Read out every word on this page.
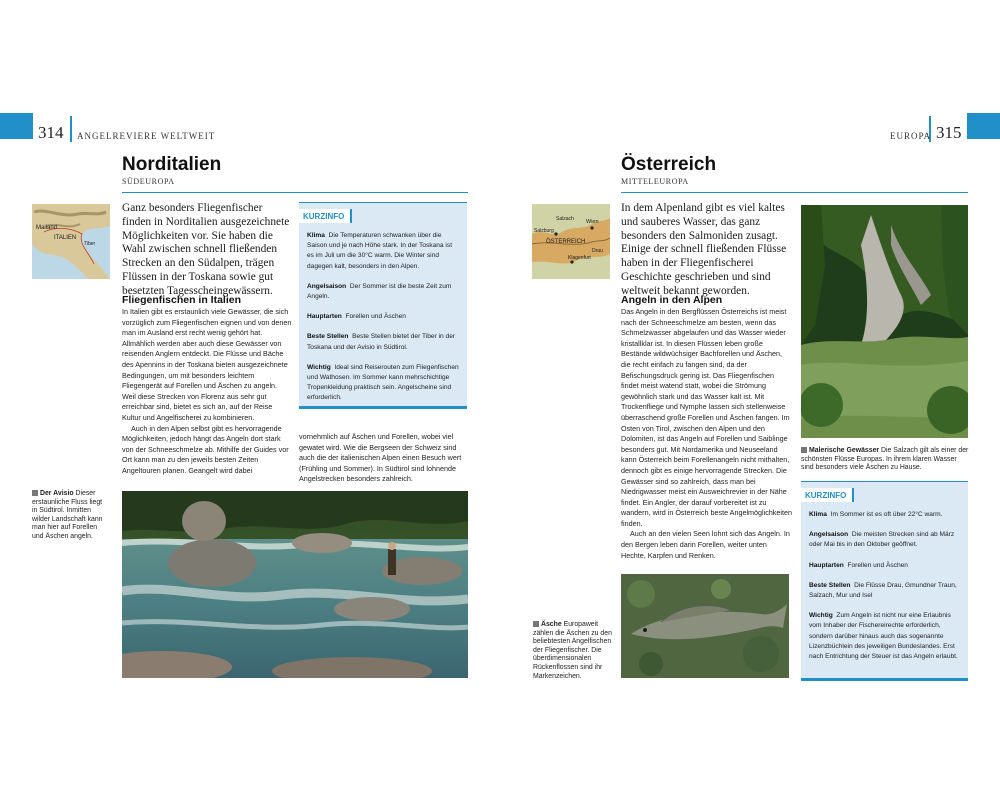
314 ANGELREVIERE WELTWEIT
Norditalien
SÜDEUROPA
Mailand
ITALIEN
Tiber
Ganz besonders Fliegenfischer finden in Norditalien ausgezeichnete Möglichkeiten vor. Sie haben die Wahl zwischen schnell fließenden Strecken an den Südalpen, trägen Flüssen in der Toskana sowie gut besetzten Tagesscheingewässern.
Fliegenfischen in Italien

In Italien gibt es erstaunlich viele Gewässer, die sich vorzüglich zum Fliegenfischen eignen und von denen man im Ausland erst recht wenig gehört hat. Allmählich werden aber auch diese Gewässer von reisenden Anglern entdeckt. Die Flüsse und Bäche des Apennins in der Toskana bieten ausgezeichnete Bedingungen, um mit besonders leichtem Fliegengerät auf Forellen und Äschen zu angeln. Weil diese Strecken von Florenz aus sehr gut erreichbar sind, bietet es sich an, auf der Reise Kultur und Angelfischerei zu kombinieren.

Auch in den Alpen selbst gibt es hervorragende Möglichkeiten, jedoch hängt das Angeln dort stark von der Schneeschmelze ab. Mithilfe der Guides vor Ort kann man zu den jeweils besten Zeiten Angeltouren planen. Geangelt wird dabei

vornehmlich auf Äschen und Forellen, wobei viel gewatet wird. Wie die Bergseen der Schweiz sind auch die der italienischen Alpen einen Besuch wert (Frühling und Sommer). In Südtirol sind lohnende Angelstrecken besonders zahlreich.

KURZINFO
Klima Die Temperaturen schwanken über die Saison und je nach Höhe stark. In der Toskana ist es im Juli um die 30°C warm. Die Winter sind dagegen kalt, besonders in den Alpen.
Angelsaison Der Sommer ist die beste Zeit zum Angeln.
Hauptarten Forellen und Äschen
Beste Stellen Beste Stellen bietet der Tiber in der Toskana und der Avisio in Südtirol.
Wichtig Ideal sind Reiserouten zum Fliegenfischen und Wathosen. Im Sommer kann mehrschichtige Tropenkleidung praktisch sein. Angelscheine sind erforderlich.
Der Avisio Dieser erstaunliche Fluss liegt in Südtirol. Inmitten wilder Landschaft kann man hier auf Forellen und Äschen angeln.
315
EUROPA
Österreich
MITTELEUROPA
Salzach Wien
Salzburg
ÖSTERREICH
Drau
Klagenfurt
In dem Alpenland gibt es viel kaltes und sauberes Wasser, das ganz besonders den Salmoniden zusagt. Einige der schnell fließenden Flüsse haben in der Fliegenfischerei Geschichte geschrieben und sind weltweit bekannt geworden.
Angeln in den Alpen

Das Angeln in den Bergflüssen Österreichs ist meist nach der Schneeschmelze am besten, wenn das Schmelzwasser abgelaufen und das Wasser wieder kristallklar ist. In diesen Flüssen leben große Bestände wildwüchsiger Bachforellen und Äschen, die recht einfach zu fangen sind, da der Befischungsdruck gering ist. Das Fliegenfischen findet meist watend statt, wobei die Strömung gewöhnlich stark und das Wasser kalt ist. Mit Trockenfliege und Nymphe lassen sich stellenweise überraschend große Forellen und Äschen fangen. Im Osten von Tirol, zwischen den Alpen und den Dolomiten, ist das Angeln auf Forellen und Saiblinge besonders gut. Mit Nordamerika und Neuseeland kann Österreich beim Forellenangeln nicht mithalten, dennoch gibt es einige hervorragende Strecken. Die Gewässer sind so zahlreich, dass man bei Niedrigwasser meist ein Ausweichrevier in der Nähe findet. Ein Angler, der darauf vorbereitet ist zu wandern, wird in Österreich beste Angelmöglichkeiten finden.

Auch an den vielen Seen lohnt sich das Angeln. In den Bergen leben darin Forellen, weiter unten Hechte, Karpfen und Renken.

Malerische Gewässer Die Salzach gilt als einer der schönsten Flüsse Europas. In ihrem klaren Wasser sind besonders viele Äschen zu Hause.
KURZINFO
Klima Im Sommer ist es oft über 22°C warm.
Angelsaison Die meisten Strecken sind ab März oder Mai bis in den Oktober geöffnet.
Hauptarten Forellen und Äschen
Beste Stellen Die Flüsse Drau, Gmundner Traun, Salzach, Mur und Isel
Wichtig Zum Angeln ist nicht nur eine Erlaubnis vom Inhaber der Fischereirechte erforderlich, sondern darüber hinaus auch das sogenannte Lizenzbüchlein des jeweiligen Bundeslandes. Erst nach Entrichtung der Steuer ist das Angeln erlaubt.
Äsche Europaweit zählen die Äschen zu den beliebtesten Angelfischen der Fliegenfischer. Die überdimensionalen Rückenflossen sind ihr Markenzeichen.
